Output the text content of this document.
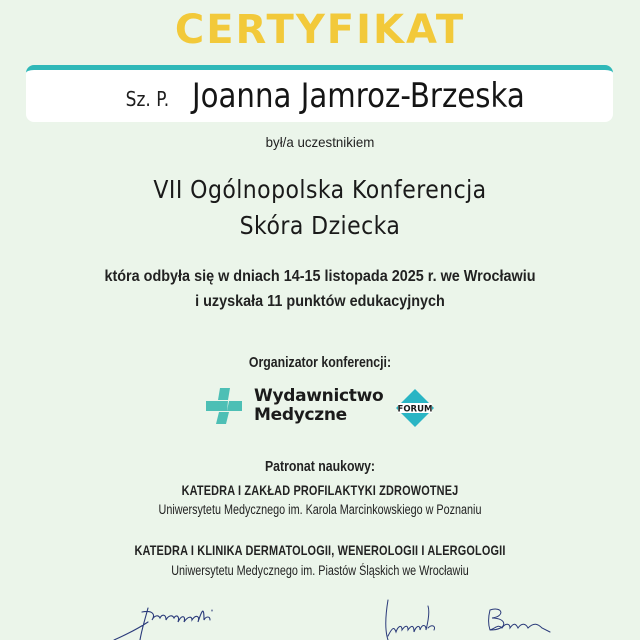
CERTYFIKAT
Sz. P. Joanna Jamroz-Brzeska
był/a uczestnikiem
VII Ogólnopolska Konferencja
Skóra Dziecka
która odbyła się w dniach 14-15 listopada 2025 r. we Wrocławiu
i uzyskała 11 punktów edukacyjnych
Organizator konferencji:
Wydawnictwo
Medyczne	FORUM
Patronat naukowy:
KATEDRA I ZAKŁAD PROFILAKTYKI ZDROWOTNEJ
Uniwersytetu Medycznego im. Karola Marcinkowskiego w Poznaniu
KATEDRA I KLINIKA DERMATOLOGII, WENEROLOGII I ALERGOLOGII
Uniwersytetu Medycznego im. Piastów Śląskich we Wrocławiu
